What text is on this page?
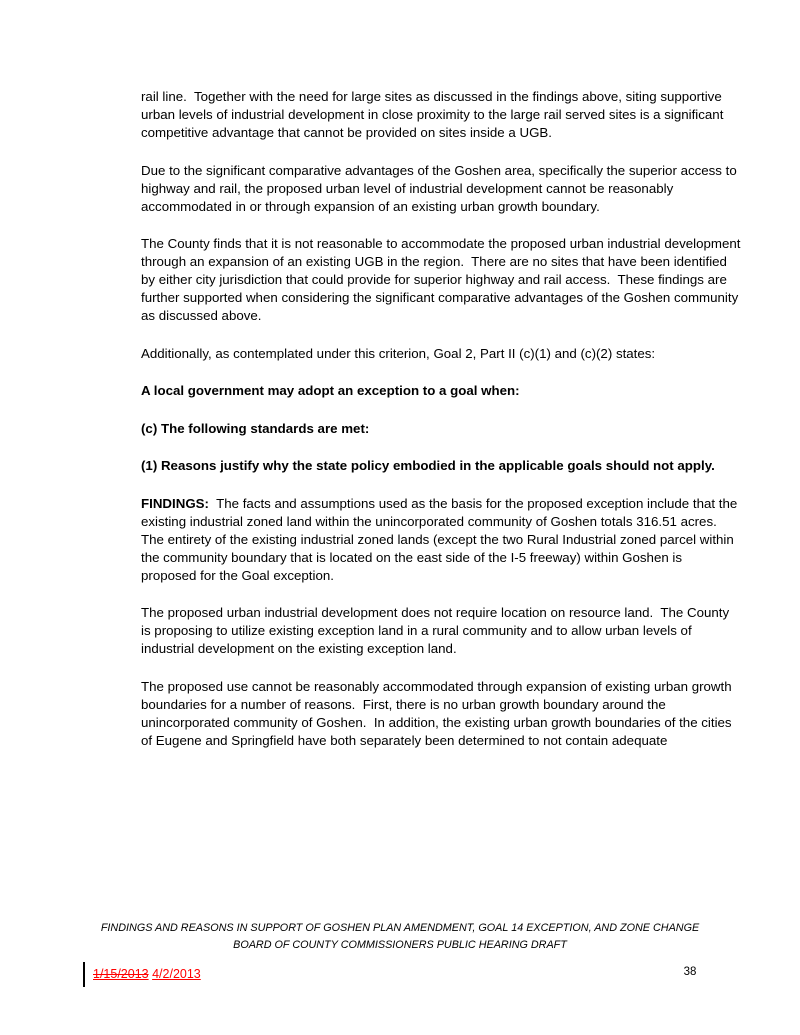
rail line.  Together with the need for large sites as discussed in the findings above, siting supportive urban levels of industrial development in close proximity to the large rail served sites is a significant competitive advantage that cannot be provided on sites inside a UGB.

Due to the significant comparative advantages of the Goshen area, specifically the superior access to highway and rail, the proposed urban level of industrial development cannot be reasonably accommodated in or through expansion of an existing urban growth boundary.

The County finds that it is not reasonable to accommodate the proposed urban industrial development through an expansion of an existing UGB in the region.  There are no sites that have been identified by either city jurisdiction that could provide for superior highway and rail access.  These findings are further supported when considering the significant comparative advantages of the Goshen community as discussed above.

Additionally, as contemplated under this criterion, Goal 2, Part II (c)(1) and (c)(2) states:

A local government may adopt an exception to a goal when:

(c) The following standards are met:

(1) Reasons justify why the state policy embodied in the applicable goals should not apply.

FINDINGS:  The facts and assumptions used as the basis for the proposed exception include that the existing industrial zoned land within the unincorporated community of Goshen totals 316.51 acres.  The entirety of the existing industrial zoned lands (except the two Rural Industrial zoned parcel within the community boundary that is located on the east side of the I-5 freeway) within Goshen is proposed for the Goal exception.

The proposed urban industrial development does not require location on resource land.  The County is proposing to utilize existing exception land in a rural community and to allow urban levels of industrial development on the existing exception land.

The proposed use cannot be reasonably accommodated through expansion of existing urban growth boundaries for a number of reasons.  First, there is no urban growth boundary around the unincorporated community of Goshen.  In addition, the existing urban growth boundaries of the cities of Eugene and Springfield have both separately been determined to not contain adequate

FINDINGS AND REASONS IN SUPPORT OF GOSHEN PLAN AMENDMENT, GOAL 14 EXCEPTION, AND ZONE CHANGE
BOARD OF COUNTY COMMISSIONERS PUBLIC HEARING DRAFT
1/15/2013 4/2/2013	38
